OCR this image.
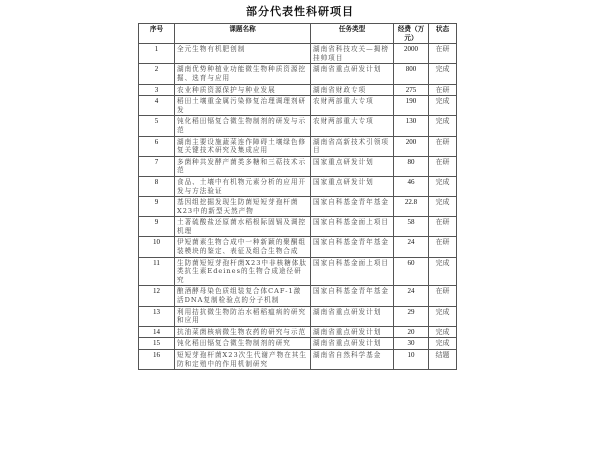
部分代表性科研项目
序号	课题名称	任务类型	经费（万元）	状态
1	全元生物有机肥创制	湖南省科技攻关—揭榜挂帅项目	2000	在研
2	湖南优势种植业功能微生物种质资源挖掘、选育与应用	湖南省重点研发计划	800	完成
3	农业种质资源保护与种业发展	湖南省财政专项	275	在研
4	稻田土壤重金属污染修复治理调理剂研发	农财两部重大专项	190	完成
5	钝化稻田镉复合微生物制剂的研发与示范	农财两部重大专项	130	完成
6	湖南主要设施蔬菜连作障碍土壤绿色修复关键技术研究及集成应用	湖南省高新技术引领项目	200	在研
7	多菌种共发酵产菌类多糖和三萜技术示范	国家重点研发计划	80	在研
8	食品、土壤中有机物元素分析的应用开发与方法验证	国家重点研发计划	46	完成
9	基因组挖掘发现生防菌短短芽孢杆菌X23中的新型天然产物	国家自科基金青年基金	22.8	完成
9	土著硫酸盐还原菌水稻根际固镉及调控机理	国家自科基金面上项目	58	在研
10	伊短菌素生物合成中一种新颖的聚酮组装模块的鉴定、表征及组合生物合成	国家自科基金青年基金	24	在研
11	生防菌短短芽孢杆菌X23中非核糖体肽类抗生素Edeines的生物合成途径研究	国家自科基金面上项目	60	完成
12	酿酒酵母染色质组装复合体CAF-1激活DNA复制检验点的分子机制	国家自科基金青年基金	24	在研
13	利用拮抗微生物防治水稻稻瘟病的研究和应用	湖南省重点研发计划	29	完成
14	抗油菜菌核病微生物农药的研究与示范	湖南省重点研发计划	20	完成
15	钝化稻田镉复合微生物制剂的研究	湖南省重点研发计划	30	完成
16	短短芽孢杆菌X23次生代谢产物在其生防和定殖中的作用机制研究	湖南省自然科学基金	10	结题
